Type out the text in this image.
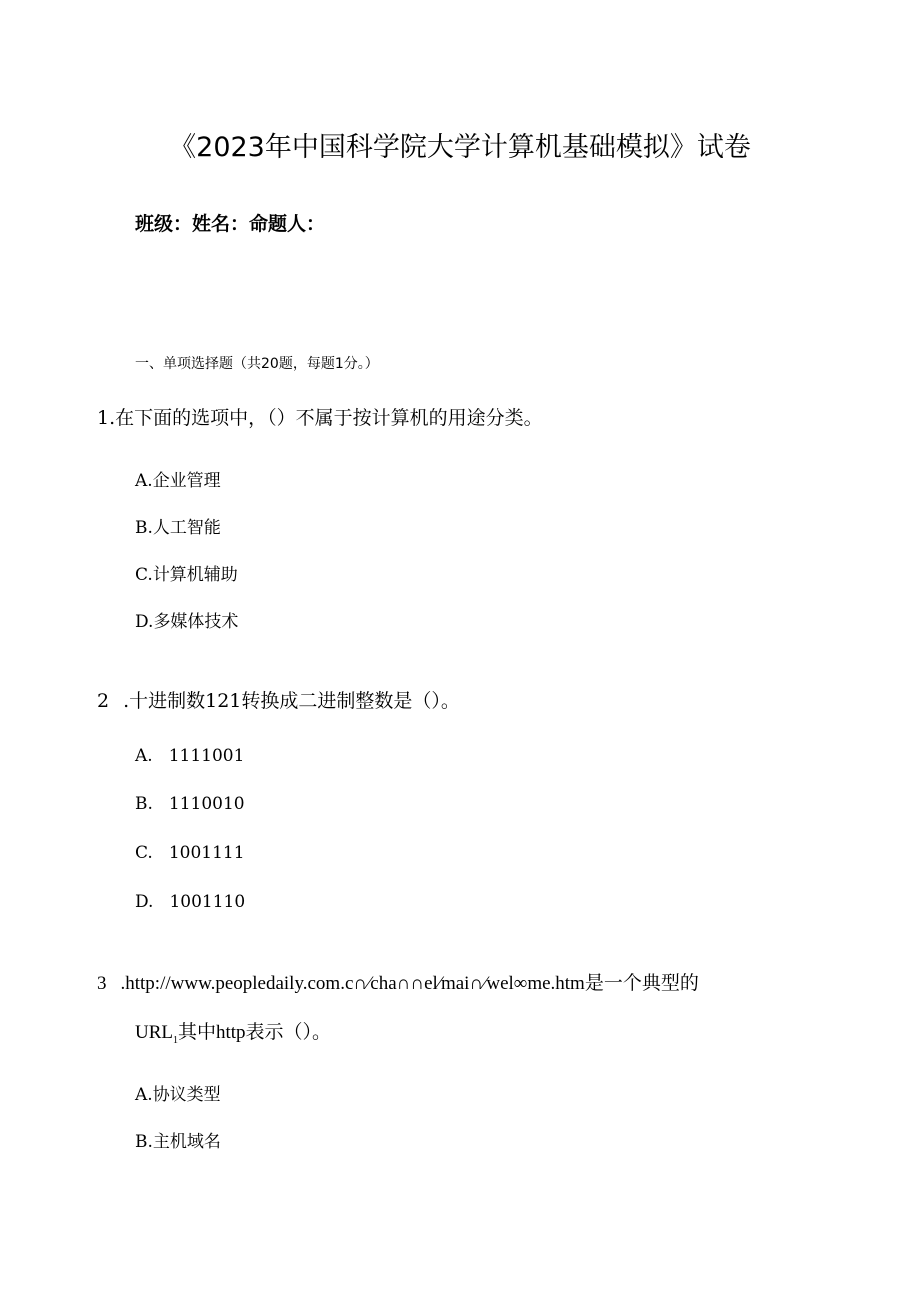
《2023年中国科学院大学计算机基础模拟》试卷
班级：姓名：命题人：
一、单项选择题（共20题，每题1分。）
1.在下面的选项中，（）不属于按计算机的用途分类。
A.企业管理
B.人工智能
C.计算机辅助
D.多媒体技术
2 .十进制数121转换成二进制整数是（）。
A. 1111001
B. 1110010
C. 1001111
D. 1001110
3 .http://www.peopledaily.com.c∩⁄cha∩∩el⁄mai∩⁄wel∞me.htm是一个典型的
$URL_1$其中http表示（）。
A.协议类型
B.主机域名
